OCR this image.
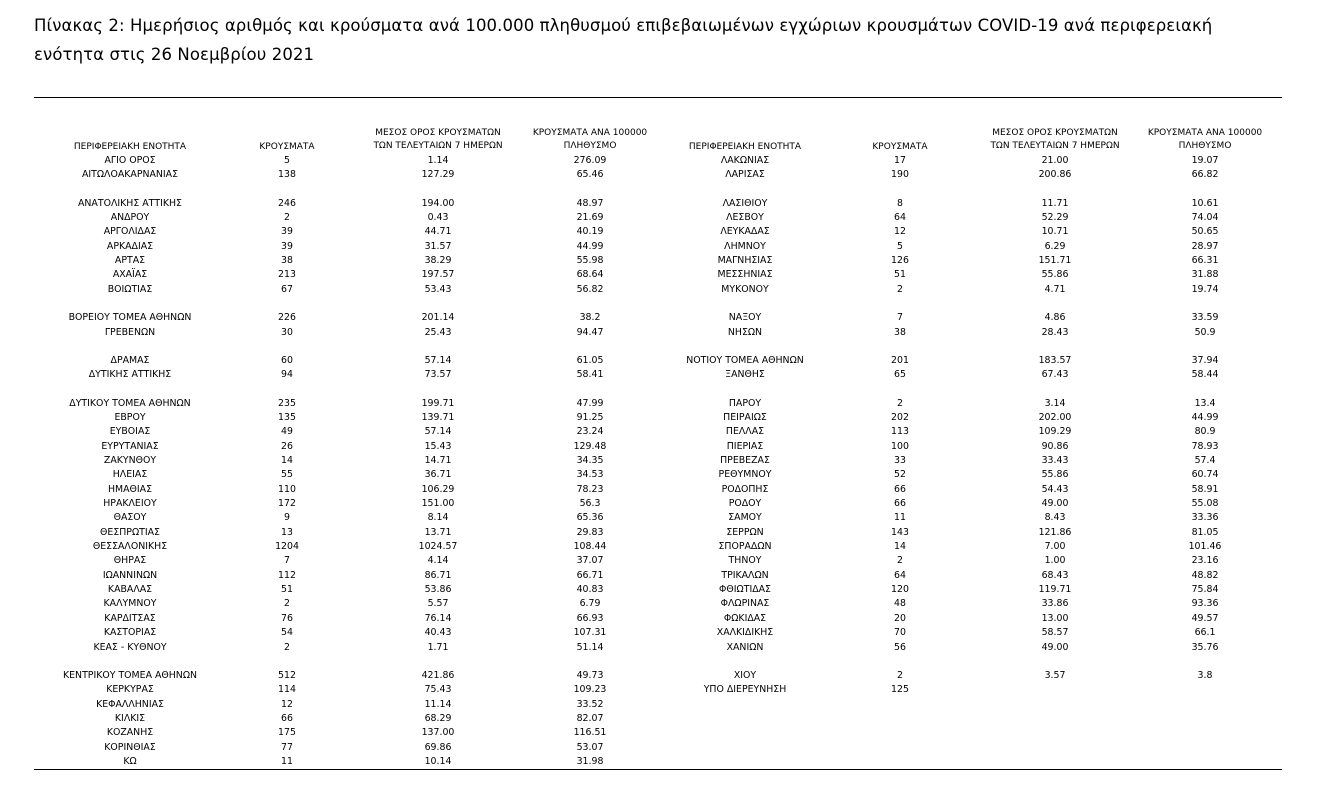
Πίνακας 2: Ημερήσιος αριθμός και κρούσματα ανά 100.000 πληθυσμού επιβεβαιωμένων εγχώριων κρουσμάτων COVID-19 ανά περιφερειακή ενότητα στις 26 Νοεμβρίου 2021
ΠΕΡΙΦΕΡΕΙΑΚΗ ΕΝΟΤΗΤΑ	ΚΡΟΥΣΜΑΤΑ
ΜΕΣΟΣ ΟΡΟΣ ΚΡΟΥΣΜΑΤΩΝ
ΤΩΝ ΤΕΛΕΥΤΑΙΩΝ 7 ΗΜΕΡΩΝ
ΚΡΟΥΣΜΑΤΑ ΑΝΑ 100000
ΠΛΗΘΥΣΜΟ	ΠΕΡΙΦΕΡΕΙΑΚΗ ΕΝΟΤΗΤΑ	ΚΡΟΥΣΜΑΤΑ
ΜΕΣΟΣ ΟΡΟΣ ΚΡΟΥΣΜΑΤΩΝ
ΤΩΝ ΤΕΛΕΥΤΑΙΩΝ 7 ΗΜΕΡΩΝ
ΚΡΟΥΣΜΑΤΑ ΑΝΑ 100000
ΠΛΗΘΥΣΜΟ
ΑΓΙΟ ΟΡΟΣ	5	1.14	276.09	ΛΑΚΩΝΙΑΣ	17	21.00	19.07
ΑΙΤΩΛΟΑΚΑΡΝΑΝΙΑΣ	138	127.29	65.46	ΛΑΡΙΣΑΣ	190	200.86	66.82
ΑΝΑΤΟΛΙΚΗΣ ΑΤΤΙΚΗΣ	246	194.00	48.97	ΛΑΣΙΘΙΟΥ	8	11.71	10.61
ΑΝΔΡΟΥ	2	0.43	21.69	ΛΕΣΒΟΥ	64	52.29	74.04
ΑΡΓΟΛΙΔΑΣ	39	44.71	40.19	ΛΕΥΚΑΔΑΣ	12	10.71	50.65
ΑΡΚΑΔΙΑΣ	39	31.57	44.99	ΛΗΜΝΟΥ	5	6.29	28.97
ΑΡΤΑΣ	38	38.29	55.98	ΜΑΓΝΗΣΙΑΣ	126	151.71	66.31
ΑΧΑΪΑΣ	213	197.57	68.64	ΜΕΣΣΗΝΙΑΣ	51	55.86	31.88
ΒΟΙΩΤΙΑΣ	67	53.43	56.82	ΜΥΚΟΝΟΥ	2	4.71	19.74
ΒΟΡΕΙΟΥ ΤΟΜΕΑ ΑΘΗΝΩΝ	226	201.14	38.2	ΝΑΞΟΥ	7	4.86	33.59
ΓΡΕΒΕΝΩΝ	30	25.43	94.47	ΝΗΣΩΝ	38	28.43	50.9
ΔΡΑΜΑΣ	60	57.14	61.05	ΝΟΤΙΟΥ ΤΟΜΕΑ ΑΘΗΝΩΝ	201	183.57	37.94
ΔΥΤΙΚΗΣ ΑΤΤΙΚΗΣ	94	73.57	58.41	ΞΑΝΘΗΣ	65	67.43	58.44
ΔΥΤΙΚΟΥ ΤΟΜΕΑ ΑΘΗΝΩΝ	235	199.71	47.99	ΠΑΡΟΥ	2	3.14	13.4
ΕΒΡΟΥ	135	139.71	91.25	ΠΕΙΡΑΙΩΣ	202	202.00	44.99
ΕΥΒΟΙΑΣ	49	57.14	23.24	ΠΕΛΛΑΣ	113	109.29	80.9
ΕΥΡΥΤΑΝΙΑΣ	26	15.43	129.48	ΠΙΕΡΙΑΣ	100	90.86	78.93
ΖΑΚΥΝΘΟΥ	14	14.71	34.35	ΠΡΕΒΕΖΑΣ	33	33.43	57.4
ΗΛΕΙΑΣ	55	36.71	34.53	ΡΕΘΥΜΝΟΥ	52	55.86	60.74
ΗΜΑΘΙΑΣ	110	106.29	78.23	ΡΟΔΟΠΗΣ	66	54.43	58.91
ΗΡΑΚΛΕΙΟΥ	172	151.00	56.3	ΡΟΔΟΥ	66	49.00	55.08
ΘΑΣΟΥ	9	8.14	65.36	ΣΑΜΟΥ	11	8.43	33.36
ΘΕΣΠΡΩΤΙΑΣ	13	13.71	29.83	ΣΕΡΡΩΝ	143	121.86	81.05
ΘΕΣΣΑΛΟΝΙΚΗΣ	1204	1024.57	108.44	ΣΠΟΡΑΔΩΝ	14	7.00	101.46
ΘΗΡΑΣ	7	4.14	37.07	ΤΗΝΟΥ	2	1.00	23.16
ΙΩΑΝΝΙΝΩΝ	112	86.71	66.71	ΤΡΙΚΑΛΩΝ	64	68.43	48.82
ΚΑΒΑΛΑΣ	51	53.86	40.83	ΦΘΙΩΤΙΔΑΣ	120	119.71	75.84
ΚΑΛΥΜΝΟΥ	2	5.57	6.79	ΦΛΩΡΙΝΑΣ	48	33.86	93.36
ΚΑΡΔΙΤΣΑΣ	76	76.14	66.93	ΦΩΚΙΔΑΣ	20	13.00	49.57
ΚΑΣΤΟΡΙΑΣ	54	40.43	107.31	ΧΑΛΚΙΔΙΚΗΣ	70	58.57	66.1
ΚΕΑΣ - ΚΥΘΝΟΥ	2	1.71	51.14	ΧΑΝΙΩΝ	56	49.00	35.76
ΚΕΝΤΡΙΚΟΥ ΤΟΜΕΑ ΑΘΗΝΩΝ	512	421.86	49.73	ΧΙΟΥ	2	3.57	3.8
ΚΕΡΚΥΡΑΣ	114	75.43	109.23	ΥΠΟ ΔΙΕΡΕΥΝΗΣΗ	125
ΚΕΦΑΛΛΗΝΙΑΣ	12	11.14	33.52
ΚΙΛΚΙΣ	66	68.29	82.07
ΚΟΖΑΝΗΣ	175	137.00	116.51
ΚΟΡΙΝΘΙΑΣ	77	69.86	53.07
ΚΩ	11	10.14	31.98
